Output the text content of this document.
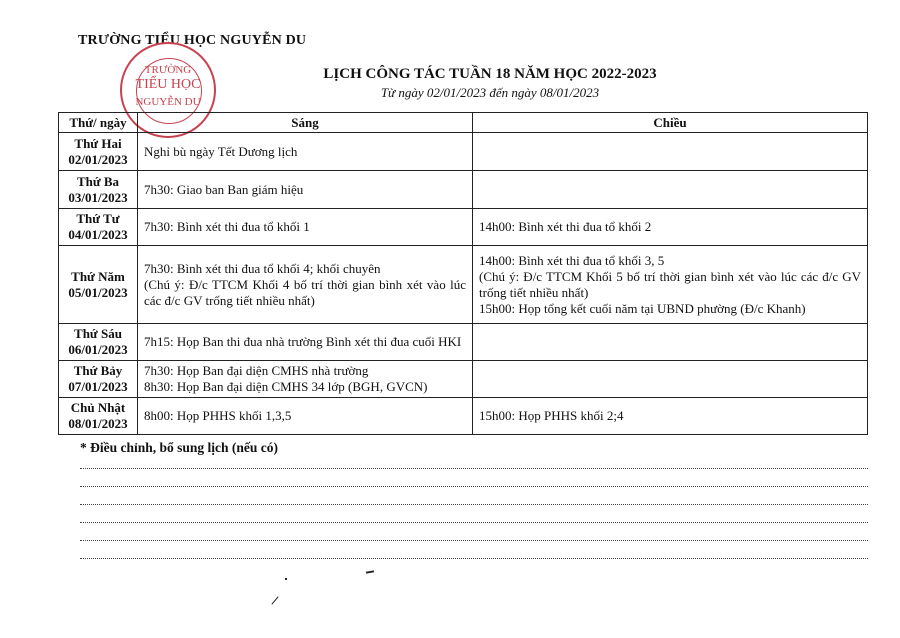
TRƯỜNG TIỂU HỌC NGUYỄN DU
TRƯỜNG
TIỂU HỌC
NGUYỄN DU
LỊCH CÔNG TÁC TUẦN 18 NĂM HỌC 2022-2023
Từ ngày 02/01/2023 đến ngày 08/01/2023
Thứ/ ngày	Sáng	Chiều

Thứ Hai
02/01/2023	Nghỉ bù ngày Tết Dương lịch	

Thứ Ba
03/01/2023	7h30: Giao ban Ban giám hiệu	

Thứ Tư
04/01/2023	7h30: Bình xét thi đua tổ khối 1	14h00: Bình xét thi đua tổ khối 2

Thứ Năm
05/01/2023	7h30: Bình xét thi đua tổ khối 4; khối chuyên
(Chú ý: Đ/c TTCM Khối 4 bố trí thời gian bình xét vào lúc các đ/c GV trống tiết nhiều nhất)	14h00: Bình xét thi đua tổ khối 3, 5
(Chú ý: Đ/c TTCM Khối 5 bố trí thời gian bình xét vào lúc các đ/c GV trống tiết nhiều nhất)
15h00: Họp tổng kết cuối năm tại UBND phường (Đ/c Khanh)

Thứ Sáu
06/01/2023	7h15: Họp Ban thi đua nhà trường Bình xét thi đua cuối HKI	

Thứ Bảy
07/01/2023	7h30: Họp Ban đại diện CMHS nhà trường
8h30: Họp Ban đại diện CMHS 34 lớp (BGH, GVCN)	

Chủ Nhật
08/01/2023	8h00: Họp PHHS khối 1,3,5	15h00: Họp PHHS khối 2;4
* Điều chỉnh, bổ sung lịch (nếu có)
